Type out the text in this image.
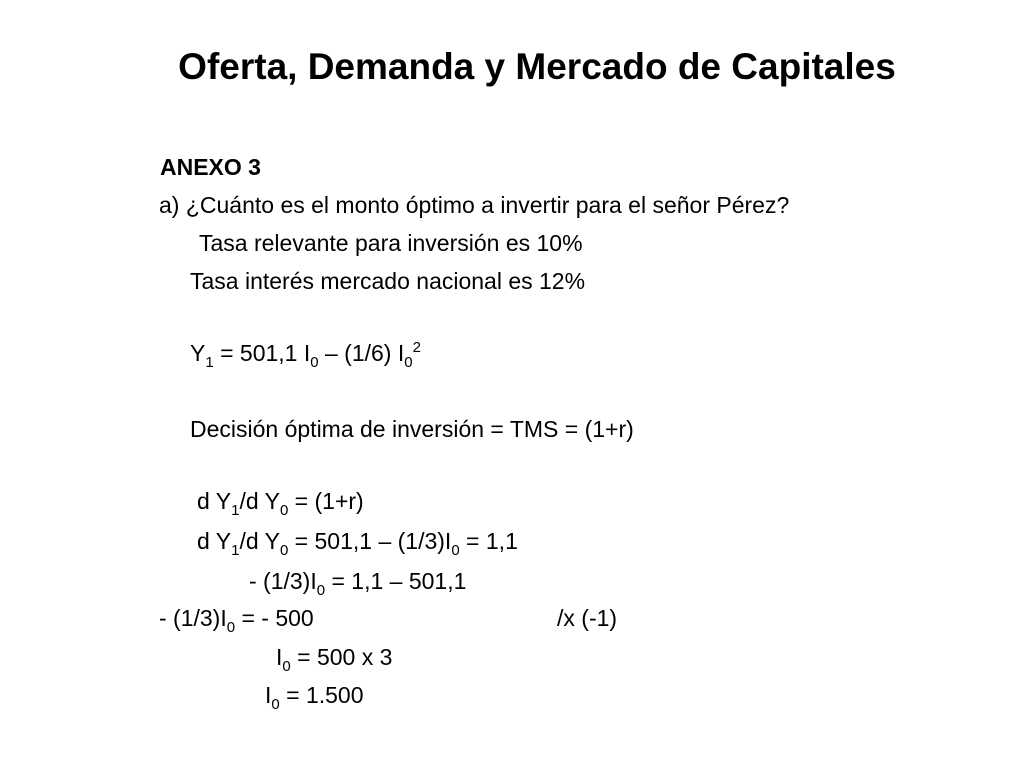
Oferta, Demanda y Mercado de Capitales
ANEXO 3
a) ¿Cuánto es el monto óptimo a invertir para el señor Pérez?
Tasa relevante para inversión es 10%
Tasa interés mercado nacional es 12%
$Y_1 = 501,1$ $I_0 - (1/6)$ $I_0^2$
Decisión óptima de inversión = TMS = (1+r)
d $Y_1/d$ $Y_0 = (1+r)$
d $Y_1/d$ $Y_0 = 501,1 - (1/3)I_0 = 1,1$
- $(1/3)I_0 = 1,1 - 501,1$
- $(1/3)I_0$ = - 500	/x (-1)
$I_0 = 500$ x 3
$I_0 = 1.500$
